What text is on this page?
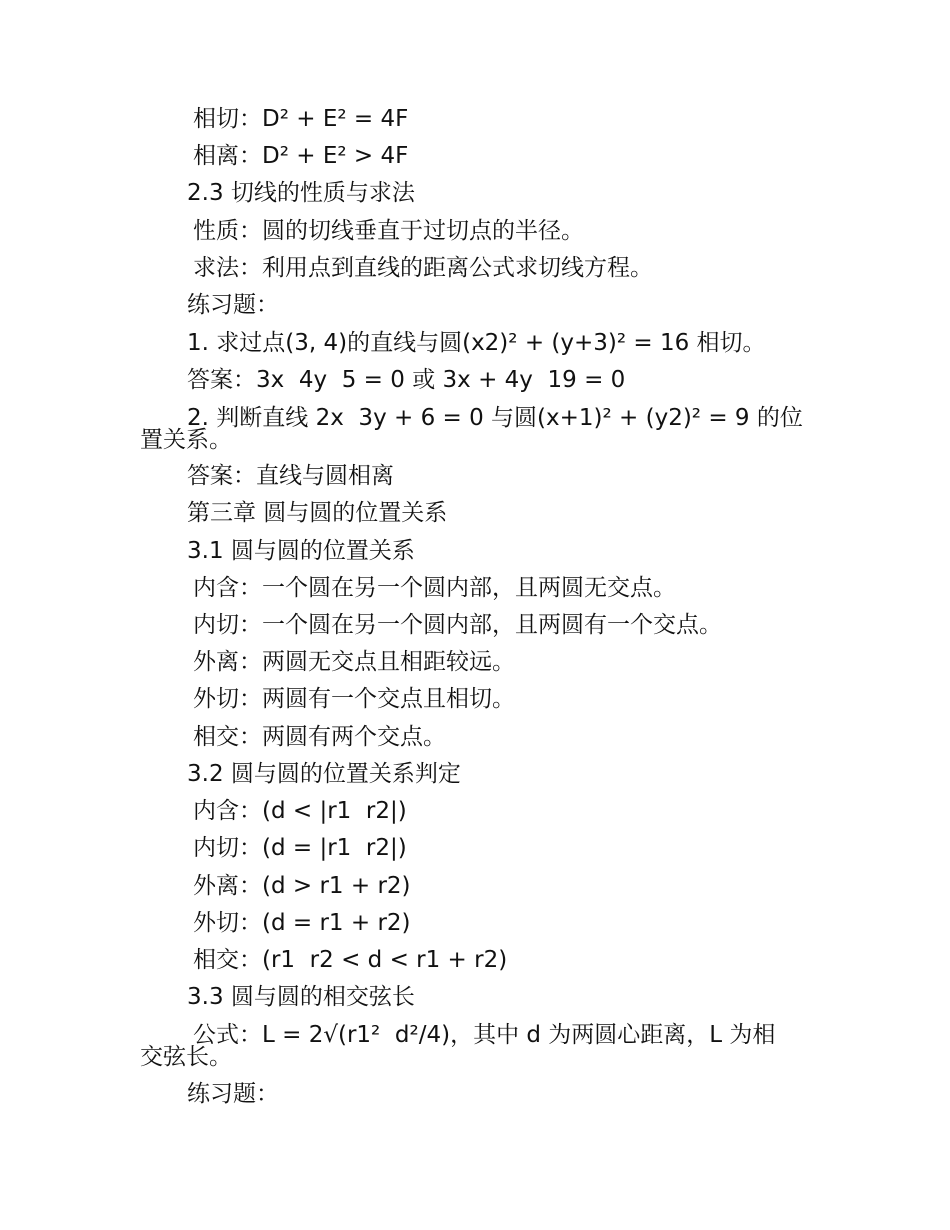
相切：D² + E² = 4F
相离：D² + E² > 4F
2.3 切线的性质与求法
性质：圆的切线垂直于过切点的半径。
求法：利用点到直线的距离公式求切线方程。
练习题：
1. 求过点(3, 4)的直线与圆(x2)² + (y+3)² = 16 相切。
答案：3x  4y  5 = 0 或 3x + 4y  19 = 0
2. 判断直线 2x  3y + 6 = 0 与圆(x+1)² + (y2)² = 9 的位
置关系。
答案：直线与圆相离
第三章 圆与圆的位置关系
3.1 圆与圆的位置关系
内含：一个圆在另一个圆内部，且两圆无交点。
内切：一个圆在另一个圆内部，且两圆有一个交点。
外离：两圆无交点且相距较远。
外切：两圆有一个交点且相切。
相交：两圆有两个交点。
3.2 圆与圆的位置关系判定
内含：(d < |r1  r2|)
内切：(d = |r1  r2|)
外离：(d > r1 + r2)
外切：(d = r1 + r2)
相交：(r1  r2 < d < r1 + r2)
3.3 圆与圆的相交弦长
公式：L = 2√(r1²  d²/4)，其中 d 为两圆心距离，L 为相
交弦长。
练习题：
